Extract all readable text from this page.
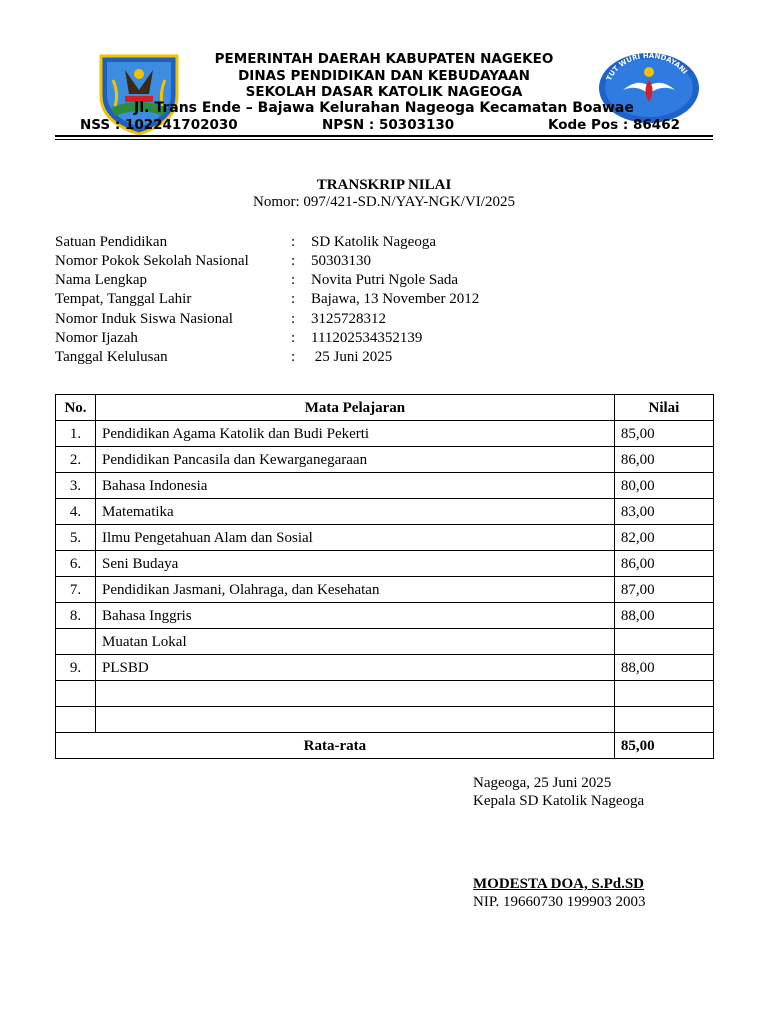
TUT WURI HANDAYANI
PEMERINTAH DAERAH KABUPATEN NAGEKEO
DINAS PENDIDIKAN DAN KEBUDAYAAN
SEKOLAH DASAR KATOLIK NAGEOGA
Jl. Trans Ende – Bajawa Kelurahan Nageoga Kecamatan Boawae
NSS : 102241702030	NPSN : 50303130	Kode Pos : 86462
TRANSKRIP NILAI
Nomor: 097/421-SD.N/YAY-NGK/VI/2025
Satuan Pendidikan	: SD Katolik Nageoga
Nomor Pokok Sekolah Nasional	: 50303130
Nama Lengkap	: Novita Putri Ngole Sada
Tempat, Tanggal Lahir	: Bajawa, 13 November 2012
Nomor Induk Siswa Nasional	: 3125728312
Nomor Ijazah	: 111202534352139
Tanggal Kelulusan	: 25 Juni 2025
No.	Mata Pelajaran	Nilai
1.	Pendidikan Agama Katolik dan Budi Pekerti	85,00
2.	Pendidikan Pancasila dan Kewarganegaraan	86,00
3.	Bahasa Indonesia	80,00
4.	Matematika	83,00
5.	Ilmu Pengetahuan Alam dan Sosial	82,00
6.	Seni Budaya	86,00
7.	Pendidikan Jasmani, Olahraga, dan Kesehatan	87,00
8.	Bahasa Inggris	88,00
	Muatan Lokal	
9.	PLSBD	88,00

Rata-rata		85,00
Nageoga, 25 Juni 2025
Kepala SD Katolik Nageoga
MODESTA DOA, S.Pd.SD
NIP. 19660730 199903 2003
